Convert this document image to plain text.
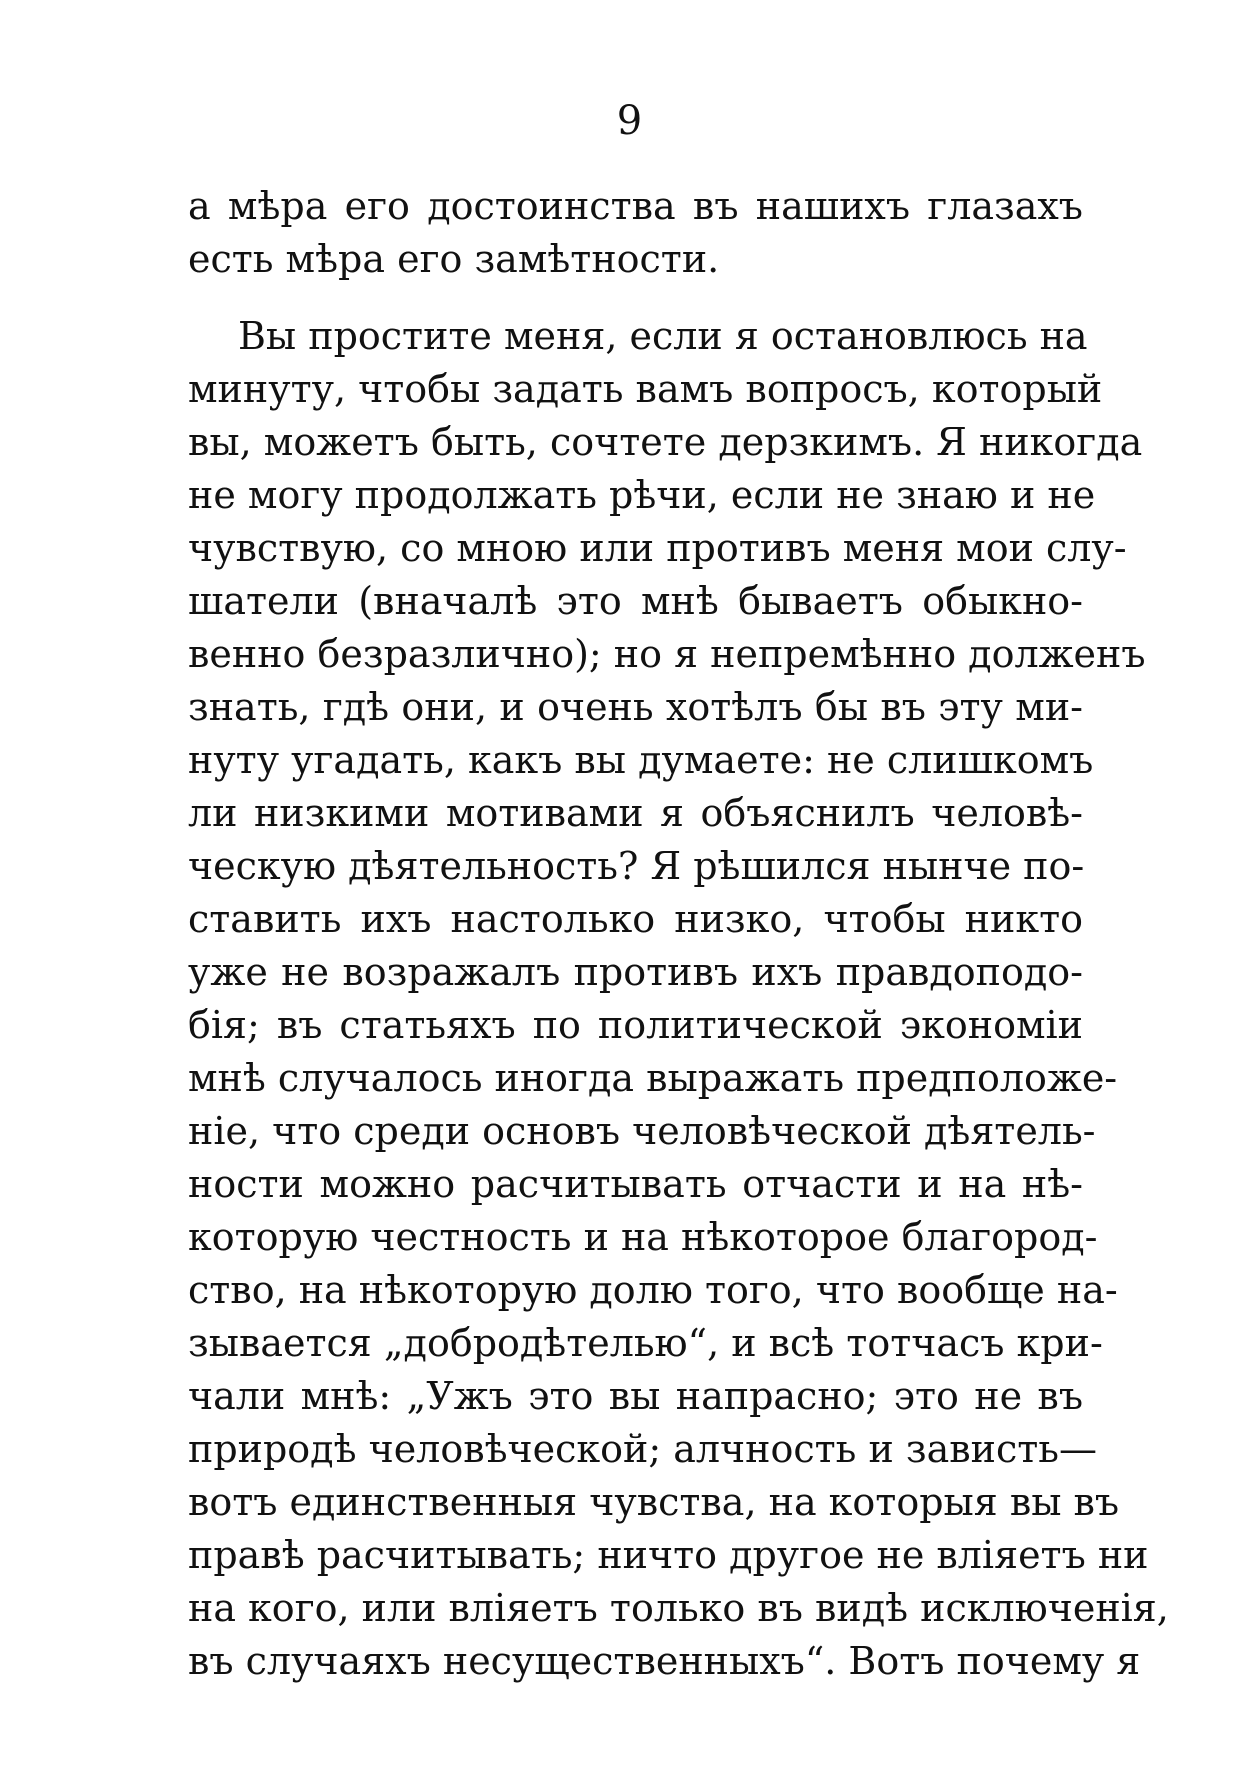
9
а мѣра его достоинства въ нашихъ глазахъ
есть мѣра его замѣтности.
Вы простите меня, если я остановлюсь на
минуту, чтобы задать вамъ вопросъ, который
вы, можетъ быть, сочтете дерзкимъ. Я никогда
не могу продолжать рѣчи, если не знаю и не
чувствую, со мною или противъ меня мои слу-
шатели (вначалѣ это мнѣ бываетъ обыкно-
венно безразлично); но я непремѣнно долженъ
знать, гдѣ они, и очень хотѣлъ бы въ эту ми-
нуту угадать, какъ вы думаете: не слишкомъ
ли низкими мотивами я объяснилъ человѣ-
ческую дѣятельность? Я рѣшился нынче по-
ставить ихъ настолько низко, чтобы никто
уже не возражалъ противъ ихъ правдоподо-
бія; въ статьяхъ по политической экономіи
мнѣ случалось иногда выражать предположе-
ніе, что среди основъ человѣческой дѣятель-
ности можно расчитывать отчасти и на нѣ-
которую честность и на нѣкоторое благород-
ство, на нѣкоторую долю того, что вообще на-
зывается „добродѣтелью“, и всѣ тотчасъ кри-
чали мнѣ: „Ужъ это вы напрасно; это не въ
природѣ человѣческой; алчность и зависть—
вотъ единственныя чувства, на которыя вы въ
правѣ расчитывать; ничто другое не вліяетъ ни
на кого, или вліяетъ только въ видѣ исключенія,
въ случаяхъ несущественныхъ“. Вотъ почему я
